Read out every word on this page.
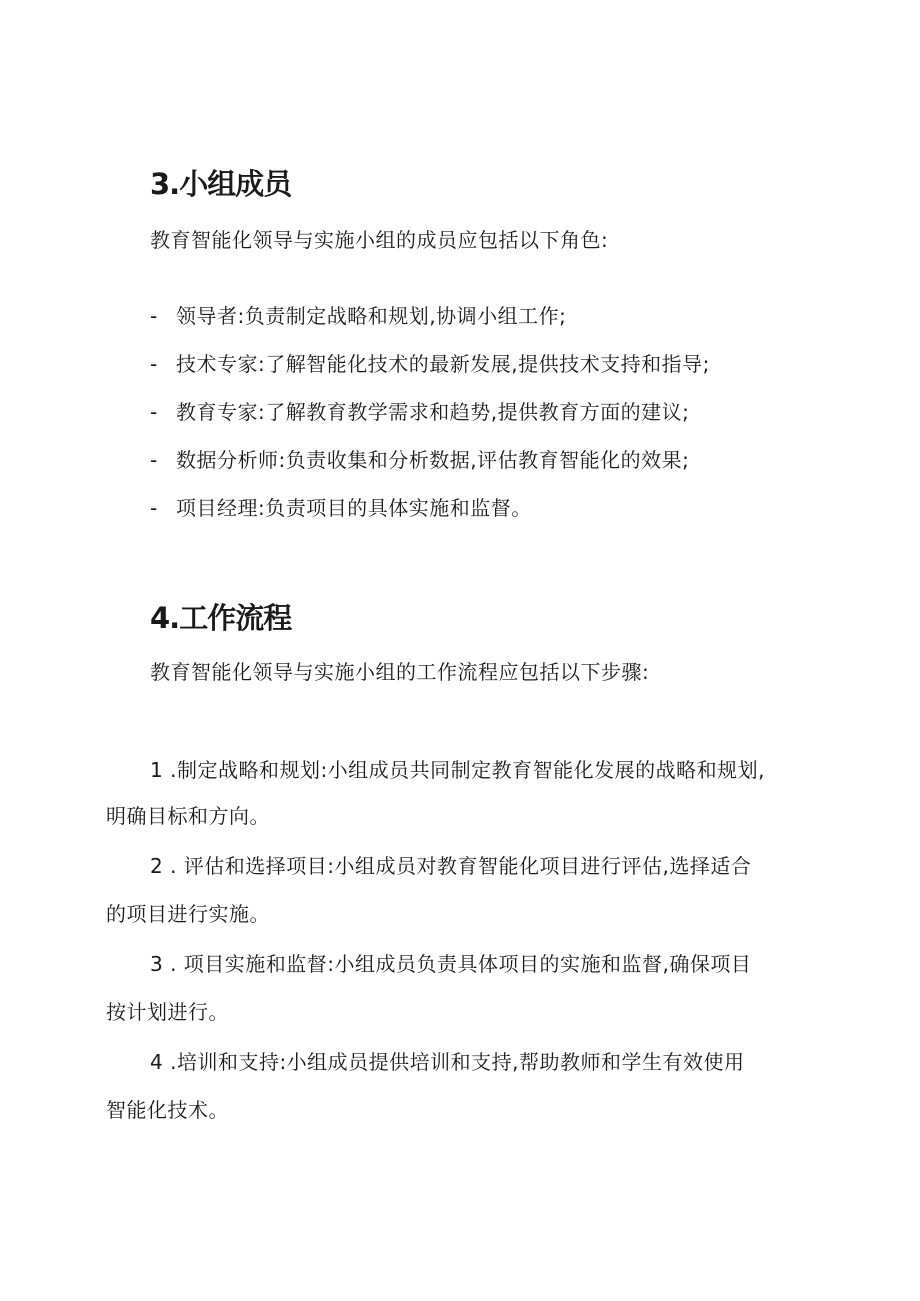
3.小组成员
教育智能化领导与实施小组的成员应包括以下角色:
- 领导者:负责制定战略和规划,协调小组工作;
- 技术专家:了解智能化技术的最新发展,提供技术支持和指导;
- 教育专家:了解教育教学需求和趋势,提供教育方面的建议;
- 数据分析师:负责收集和分析数据,评估教育智能化的效果;
- 项目经理:负责项目的具体实施和监督。
4.工作流程
教育智能化领导与实施小组的工作流程应包括以下步骤:
1 .制定战略和规划:小组成员共同制定教育智能化发展的战略和规划,
明确目标和方向。
2 . 评估和选择项目:小组成员对教育智能化项目进行评估,选择适合
的项目进行实施。
3 . 项目实施和监督:小组成员负责具体项目的实施和监督,确保项目
按计划进行。
4 .培训和支持:小组成员提供培训和支持,帮助教师和学生有效使用
智能化技术。
